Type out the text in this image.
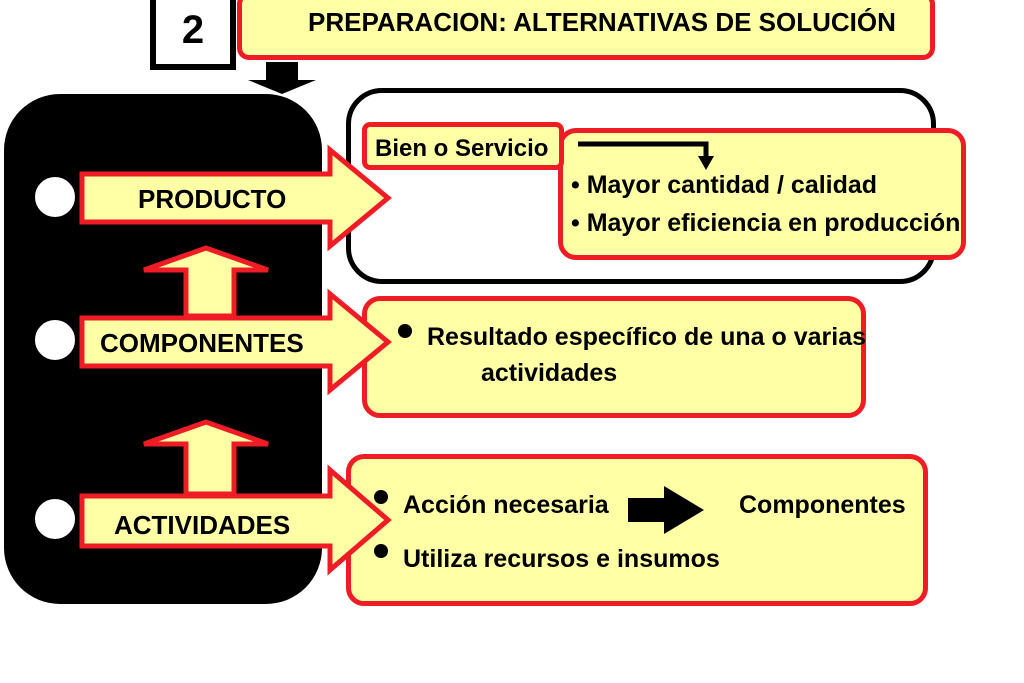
2	PREPARACION: ALTERNATIVAS DE SOLUCIÓN
• Mayor cantidad / calidad
• Mayor eficiencia en producción
Bien o Servicio
Resultado específico de una o varias
actividades
Acción necesaria	Componentes
Utiliza recursos e insumos
PRODUCTO
COMPONENTES
ACTIVIDADES
